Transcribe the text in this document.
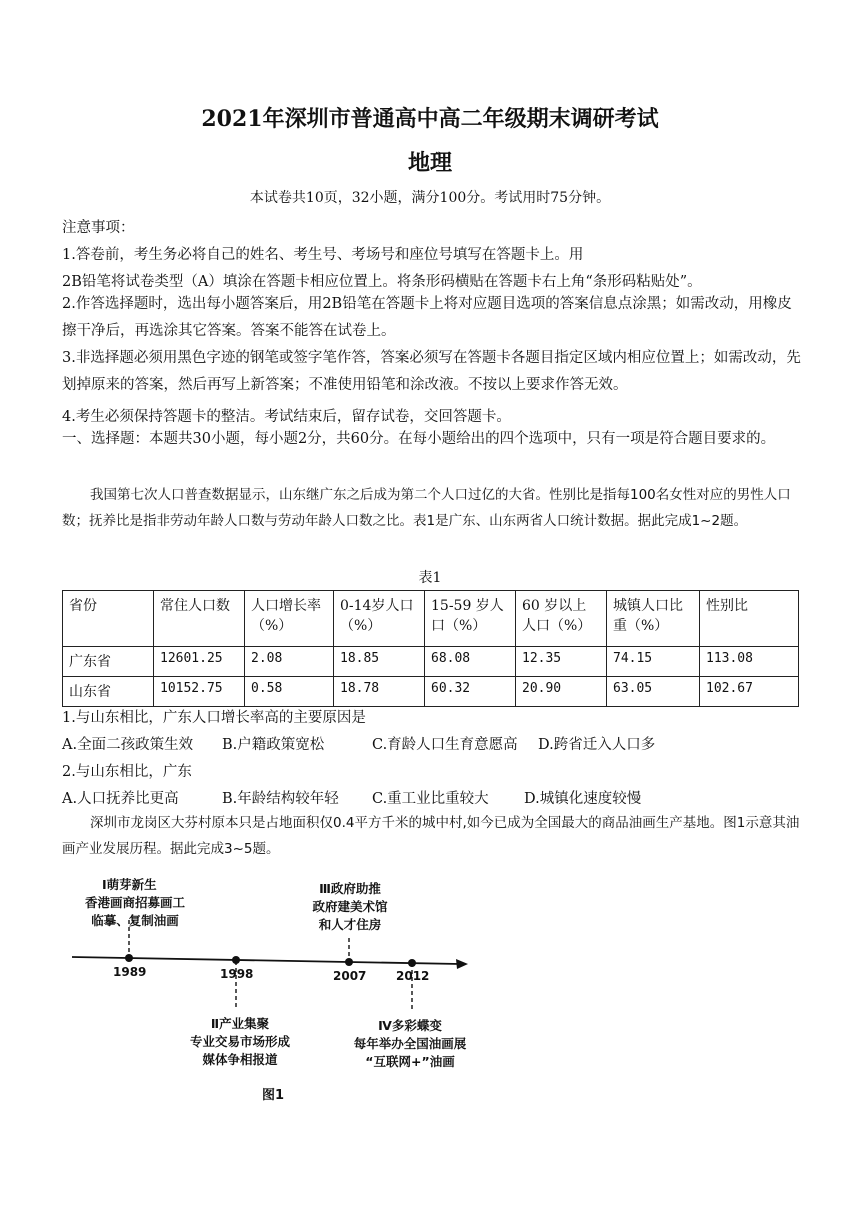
2021年深圳市普通高中高二年级期末调研考试
地理
本试卷共10页，32小题，满分100分。考试用时75分钟。
注意事项：
1.答卷前，考生务必将自己的姓名、考生号、考场号和座位号填写在答题卡上。用
2B铅笔将试卷类型（A）填涂在答题卡相应位置上。将条形码横贴在答题卡右上角“条形码粘贴处”。
2.作答选择题时，选出每小题答案后，用2B铅笔在答题卡上将对应题目选项的答案信息点涂黑；如需改动，用橡皮擦干净后，再选涂其它答案。答案不能答在试卷上。
3.非选择题必须用黑色字迹的钢笔或签字笔作答，答案必须写在答题卡各题目指定区域内相应位置上；如需改动，先划掉原来的答案，然后再写上新答案；不准使用铅笔和涂改液。不按以上要求作答无效。
4.考生必须保持答题卡的整洁。考试结束后，留存试卷，交回答题卡。
一、选择题：本题共30小题，每小题2分，共60分。在每小题给出的四个选项中，只有一项是符合题目要求的。
我国第七次人口普查数据显示，山东继广东之后成为第二个人口过亿的大省。性别比是指每100名女性对应的男性人口数；抚养比是指非劳动年龄人口数与劳动年龄人口数之比。表1是广东、山东两省人口统计数据。据此完成1~2题。
表1
省份	常住人口数	人口增长率（%）	0-14岁人口（%）	15-59 岁人口（%）	60 岁以上人口（%）	城镇人口比重（%）	性别比
广东省	12601.25	2.08	18.85	68.08	12.35	74.15	113.08
山东省	10152.75	0.58	18.78	60.32	20.90	63.05	102.67
1.与山东相比，广东人口增长率高的主要原因是
A.全面二孩政策生效 B.户籍政策宽松	C.育龄人口生育意愿高 D.跨省迁入人口多
2.与山东相比，广东
A.人口抚养比更高	B.年龄结构较年轻 C.重工业比重较大 D.城镇化速度较慢
深圳市龙岗区大芬村原本只是占地面积仅0.4平方千米的城中村,如今已成为全国最大的商品油画生产基地。图1示意其油画产业发展历程。据此完成3~5题。
1989	1998	2007 2012
Ⅰ萌芽新生
香港画商招募画工
临摹、复制油画
Ⅲ政府助推
政府建美术馆
和人才住房
Ⅱ产业集聚
专业交易市场形成
媒体争相报道
Ⅳ多彩蝶变
每年举办全国油画展
“互联网+”油画
图1
